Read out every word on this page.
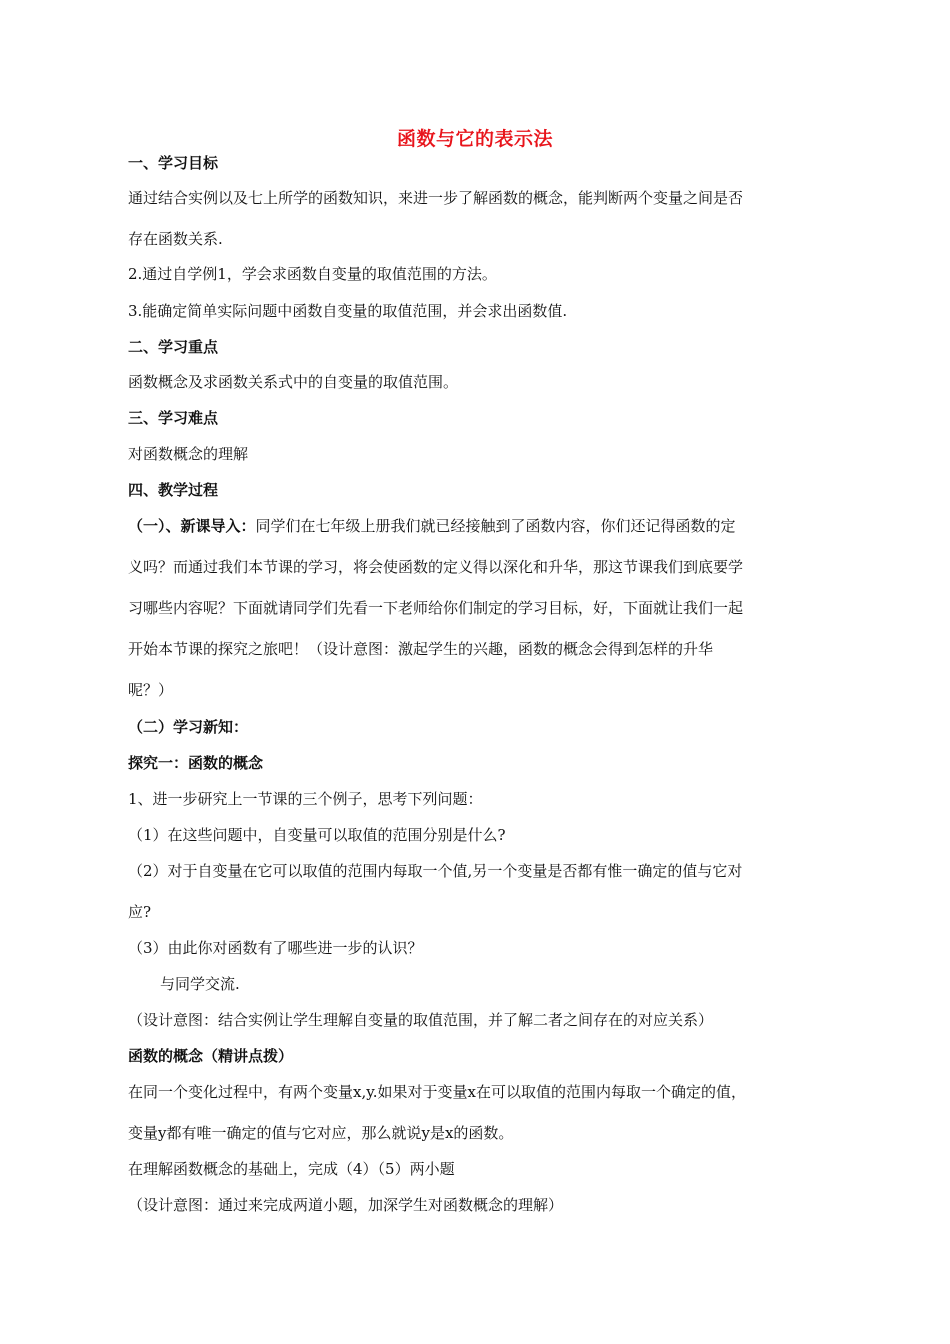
函数与它的表示法
一、学习目标
通过结合实例以及七上所学的函数知识，来进一步了解函数的概念，能判断两个变量之间是否
存在函数关系.
2.通过自学例1，学会求函数自变量的取值范围的方法。
3.能确定简单实际问题中函数自变量的取值范围，并会求出函数值.
二、学习重点
函数概念及求函数关系式中的自变量的取值范围。
三、学习难点
对函数概念的理解
四、教学过程
（一）、新课导入：同学们在七年级上册我们就已经接触到了函数内容，你们还记得函数的定
义吗？而通过我们本节课的学习，将会使函数的定义得以深化和升华，那这节课我们到底要学
习哪些内容呢？下面就请同学们先看一下老师给你们制定的学习目标，好，下面就让我们一起
开始本节课的探究之旅吧！（设计意图：激起学生的兴趣，函数的概念会得到怎样的升华
呢？）
（二）学习新知：
探究一：函数的概念
1、进一步研究上一节课的三个例子，思考下列问题：
（1）在这些问题中，自变量可以取值的范围分别是什么?
（2）对于自变量在它可以取值的范围内每取一个值,另一个变量是否都有惟一确定的值与它对
应?
（3）由此你对函数有了哪些进一步的认识？
与同学交流.
（设计意图：结合实例让学生理解自变量的取值范围，并了解二者之间存在的对应关系）
函数的概念（精讲点拨）
在同一个变化过程中，有两个变量x,y.如果对于变量x在可以取值的范围内每取一个确定的值，
变量y都有唯一确定的值与它对应，那么就说y是x的函数。
在理解函数概念的基础上，完成（4）（5）两小题
（设计意图：通过来完成两道小题，加深学生对函数概念的理解）
